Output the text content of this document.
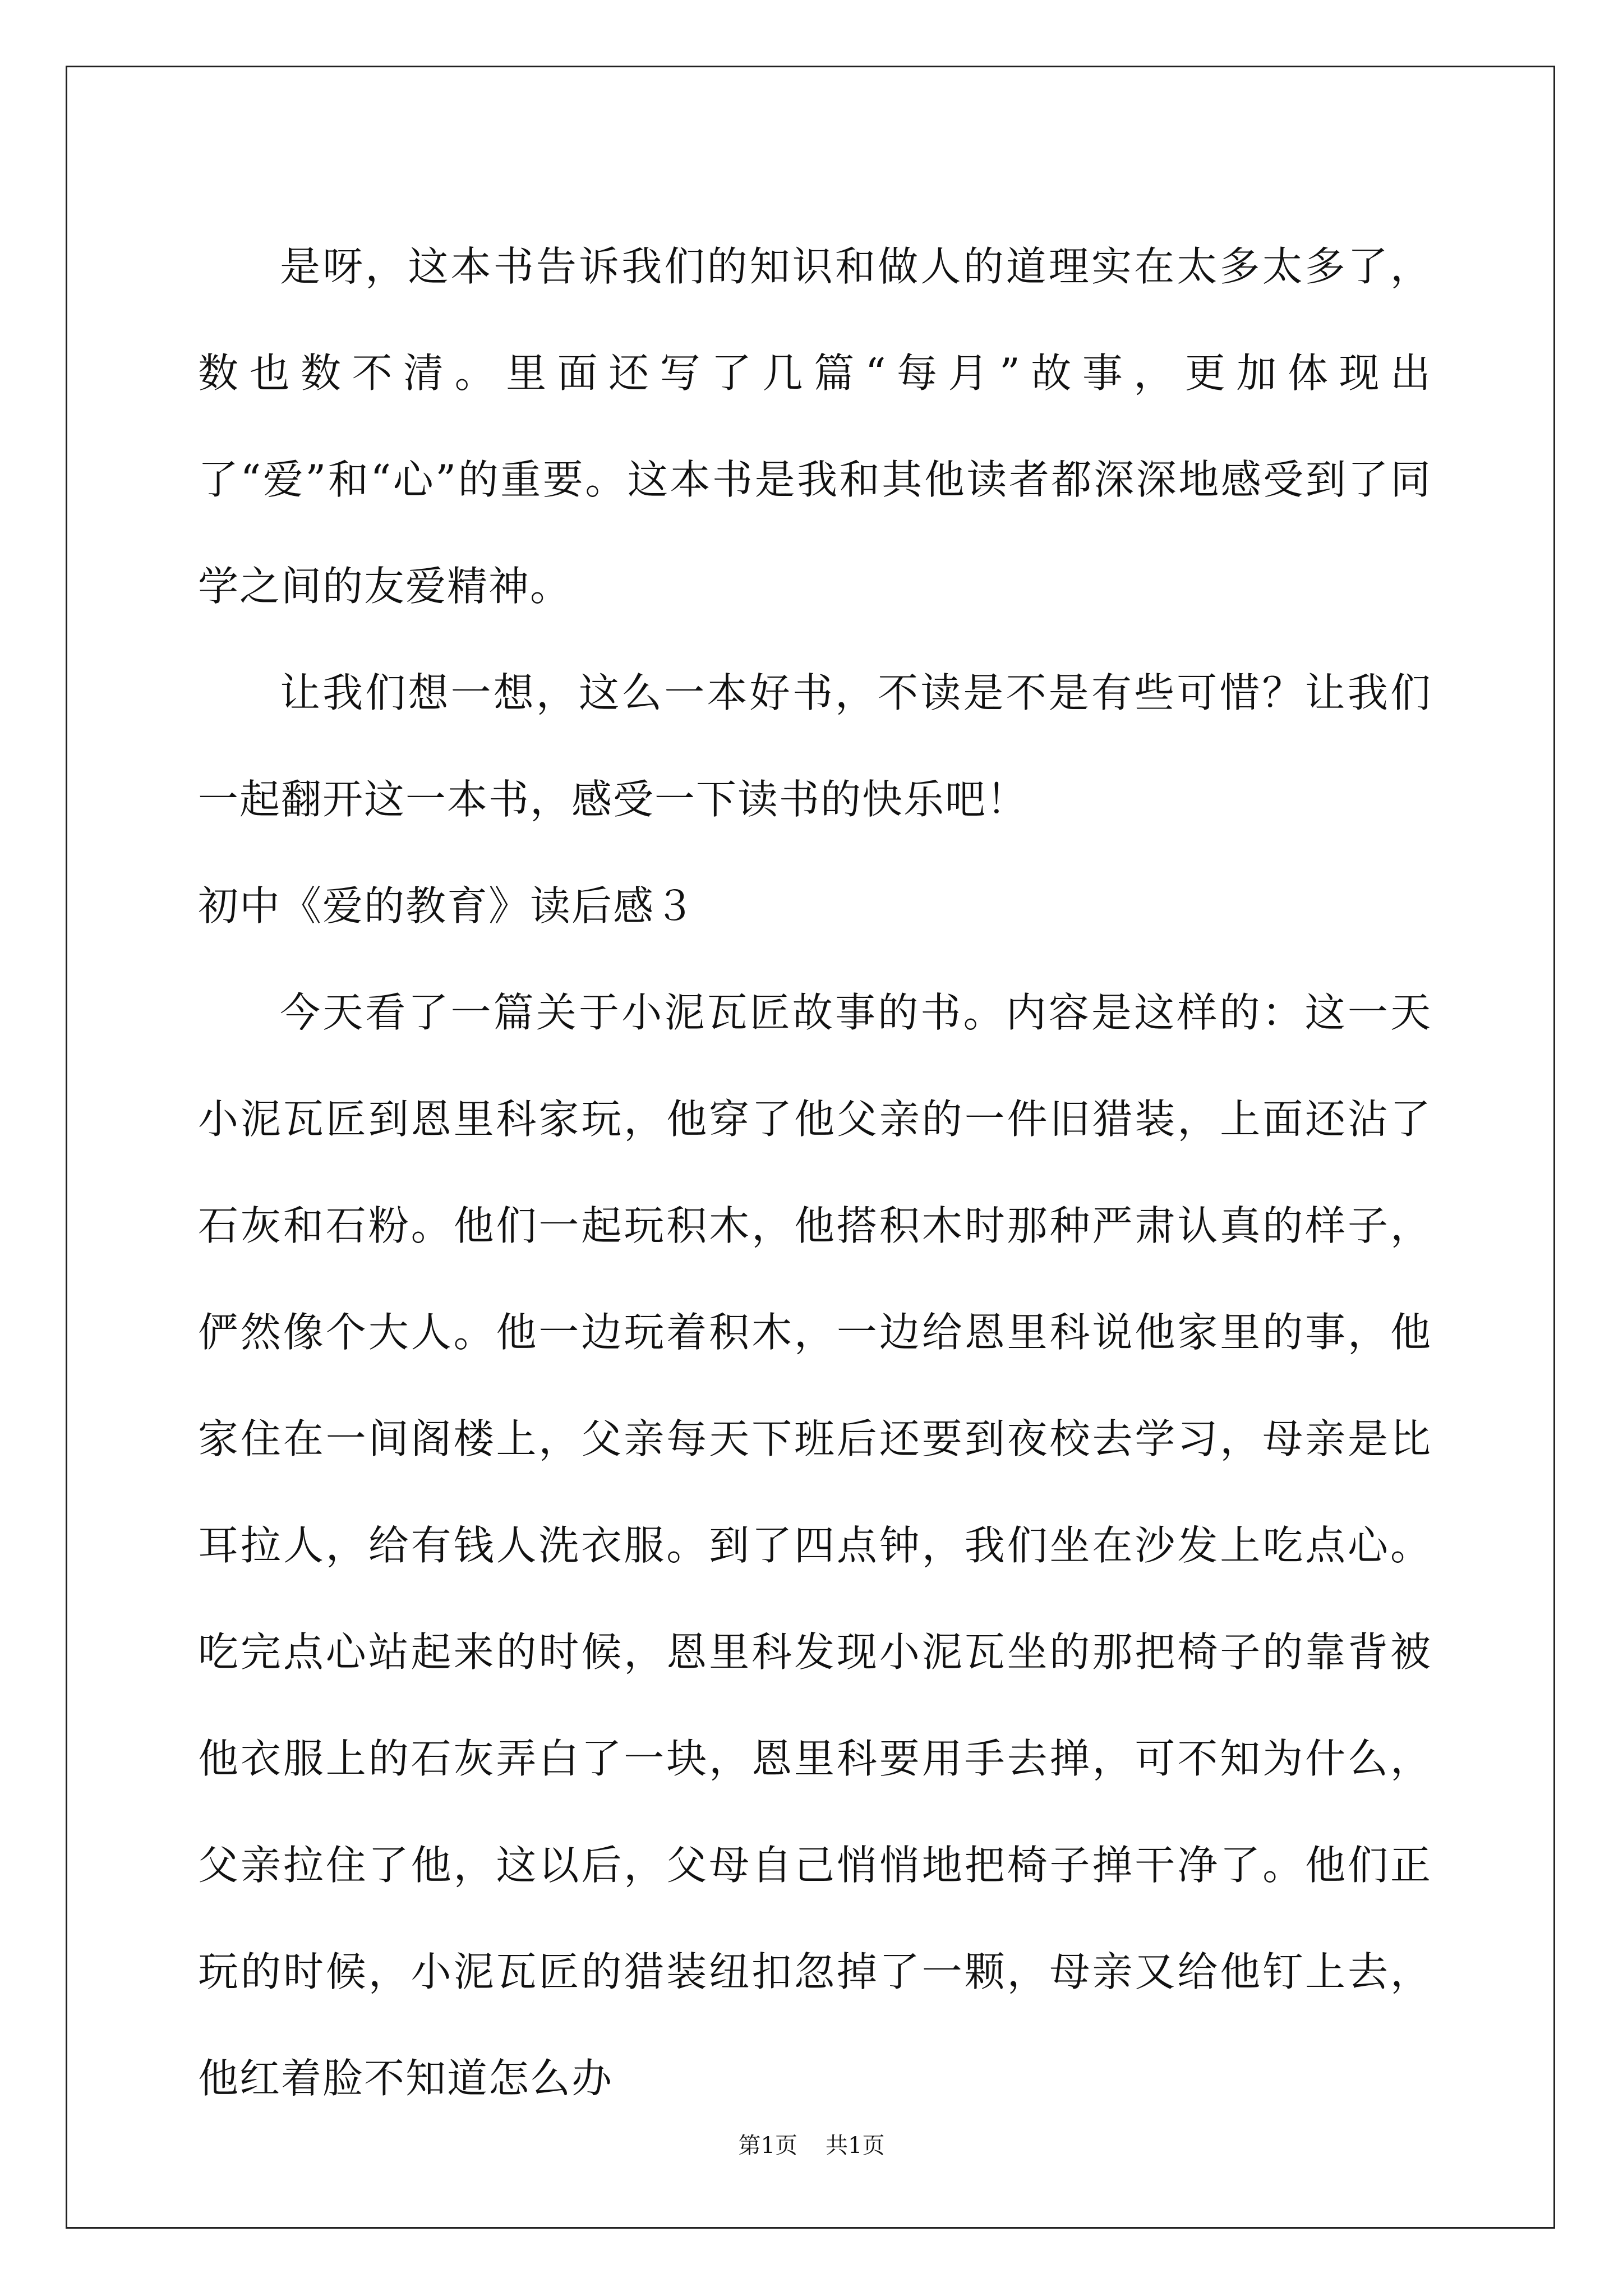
是呀，这本书告诉我们的知识和做人的道理实在太多太多了，数也数不清。里面还写了几篇“每月”故事，更加体现出了“爱”和“心”的重要。这本书是我和其他读者都深深地感受到了同学之间的友爱精神。

让我们想一想，这么一本好书，不读是不是有些可惜？让我们一起翻开这一本书，感受一下读书的快乐吧！

初中《爱的教育》读后感３

今天看了一篇关于小泥瓦匠故事的书。内容是这样的：这一天小泥瓦匠到恩里科家玩，他穿了他父亲的一件旧猎装，上面还沾了石灰和石粉。他们一起玩积木，他搭积木时那种严肃认真的样子，俨然像个大人。他一边玩着积木，一边给恩里科说他家里的事，他家住在一间阁楼上，父亲每天下班后还要到夜校去学习，母亲是比耳拉人，给有钱人洗衣服。到了四点钟，我们坐在沙发上吃点心。吃完点心站起来的时候，恩里科发现小泥瓦坐的那把椅子的靠背被他衣服上的石灰弄白了一块，恩里科要用手去掸，可不知为什么，父亲拉住了他，这以后，父母自己悄悄地把椅子掸干净了。他们正玩的时候，小泥瓦匠的猎装纽扣忽掉了一颗，母亲又给他钉上去，他红着脸不知道怎么办

第1页 共1页
